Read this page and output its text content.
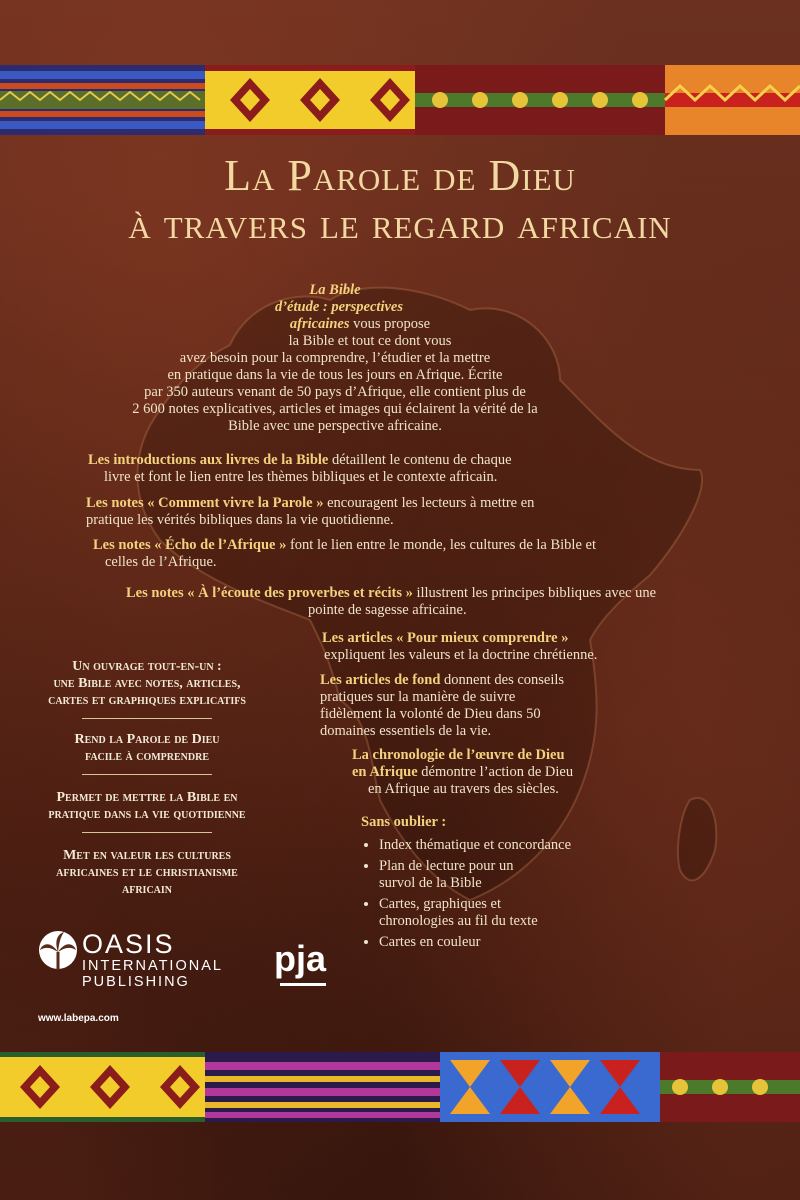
La Parole de Dieu
à travers le regard africain
La Bible
d’étude : perspectives
africaines vous propose
la Bible et tout ce dont vous
avez besoin pour la comprendre, l’étudier et la mettre
en pratique dans la vie de tous les jours en Afrique. Écrite
par 350 auteurs venant de 50 pays d’Afrique, elle contient plus de
2 600 notes explicatives, articles et images qui éclairent la vérité de la
Bible avec une perspective africaine.
Les introductions aux livres de la Bible détaillent le contenu de chaque
livre et font le lien entre les thèmes bibliques et le contexte africain.
Les notes « Comment vivre la Parole » encouragent les lecteurs à mettre en
pratique les vérités bibliques dans la vie quotidienne.
Les notes « Écho de l’Afrique » font le lien entre le monde, les cultures de la Bible et
celles de l’Afrique.
Les notes « À l’écoute des proverbes et récits » illustrent les principes bibliques avec une
pointe de sagesse africaine.
Les articles « Pour mieux comprendre »
expliquent les valeurs et la doctrine chrétienne.
Les articles de fond donnent des conseils
pratiques sur la manière de suivre
fidèlement la volonté de Dieu dans 50
domaines essentiels de la vie.
La chronologie de l’œuvre de Dieu
en Afrique démontre l’action de Dieu
en Afrique au travers des siècles.
Sans oublier :
• Index thématique et concordance
• Plan de lecture pour un
survol de la Bible
• Cartes, graphiques et
chronologies au fil du texte
• Cartes en couleur
Un ouvrage tout-en-un :
une Bible avec notes, articles,
cartes et graphiques explicatifs
Rend la Parole de Dieu
facile à comprendre
Permet de mettre la Bible en
pratique dans la vie quotidienne
Met en valeur les cultures
africaines et le christianisme
africain
OASIS
INTERNATIONAL
PUBLISHING
pja
www.labepa.com
